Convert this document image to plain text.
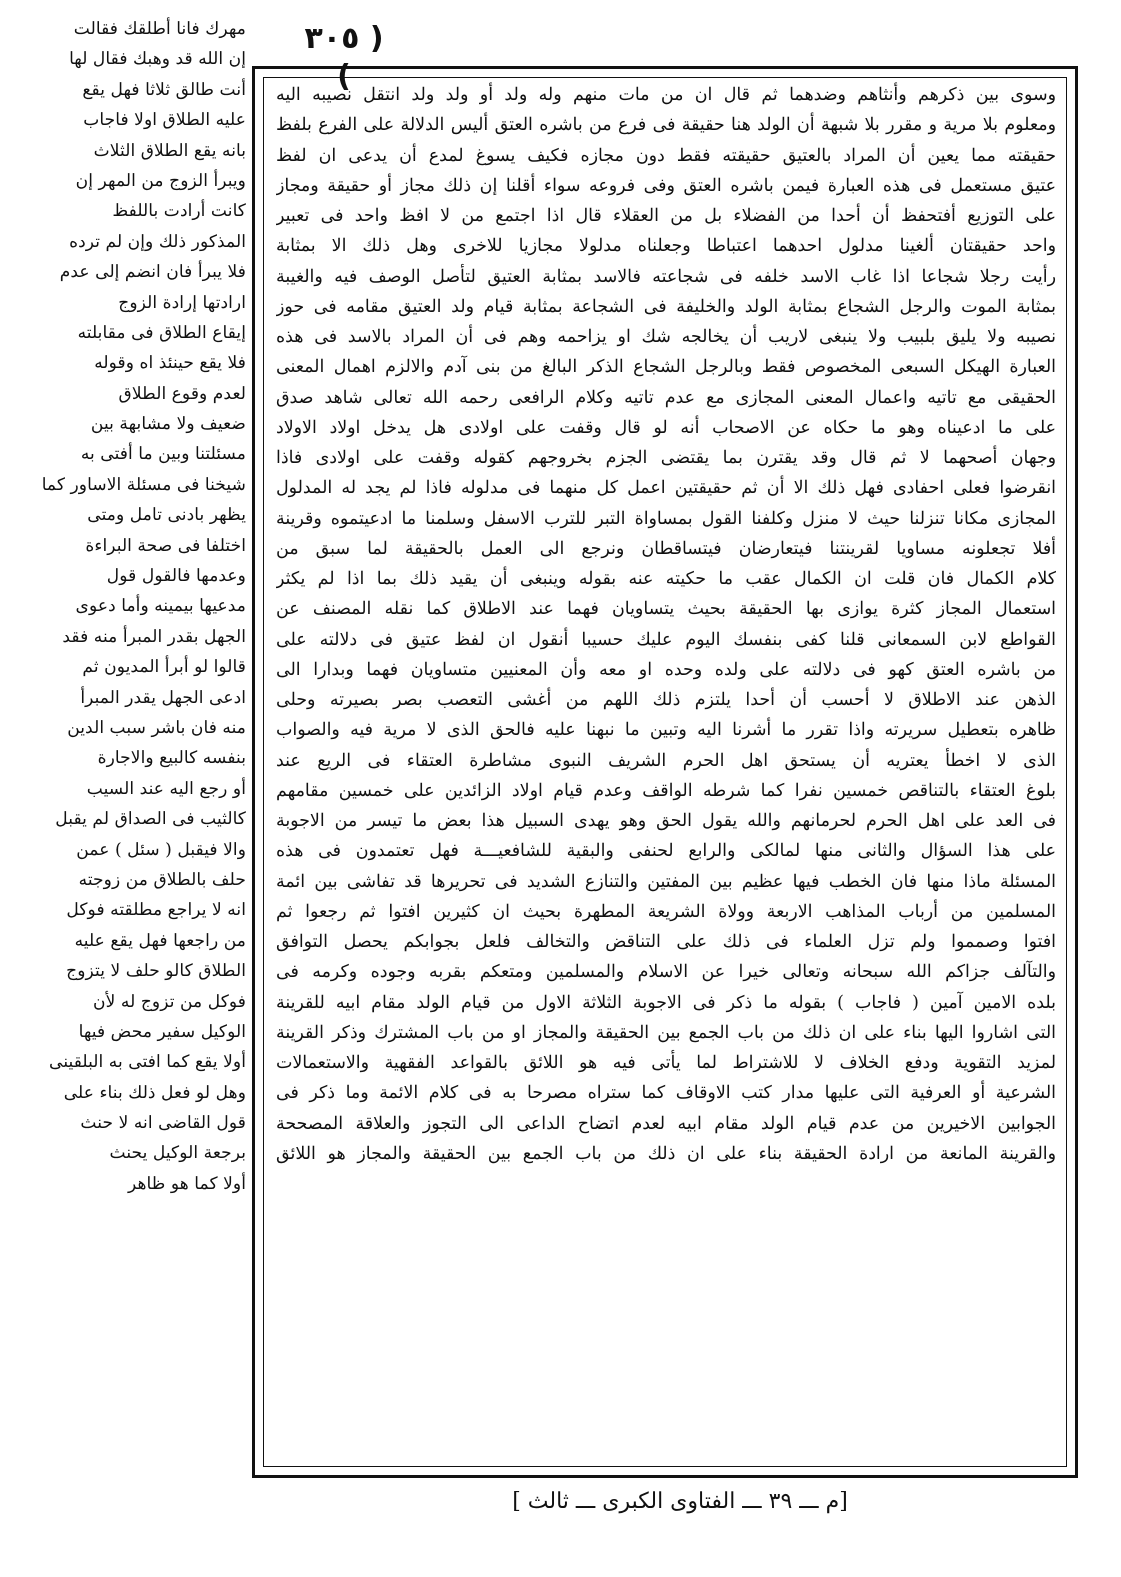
( ٣٠٥ )
مهرك فانا أطلقك فقالت
إن الله قد وهبك فقال لها
أنت طالق ثلاثا فهل يقع
عليه الطلاق اولا فاجاب
بانه يقع الطلاق الثلاث
ويبرأ الزوج من المهر إن
كانت أرادت باللفظ
المذكور ذلك وإن لم ترده
فلا يبرأ فان انضم إلى عدم
ارادتها إرادة الزوج
إيقاع الطلاق فى مقابلته
فلا يقع حينئذ اه وقوله
لعدم وقوع الطلاق
ضعيف ولا مشابهة بين
مسئلتنا وبين ما أفتى به
شيخنا فى مسئلة الاساور كما
يظهر بادنى تامل ومتى
اختلفا فى صحة البراءة
وعدمها فالقول قول
مدعيها بيمينه وأما دعوى
الجهل بقدر المبرأ منه فقد
قالوا لو أبرأ المديون ثم
ادعى الجهل يقدر المبرأ
منه فان باشر سبب الدين
بنفسه كالبيع والاجارة
أو رجع اليه عند السيب
كالثيب فى الصداق لم يقبل
والا فيقبل ( سئل ) عمن
حلف بالطلاق من زوجته
انه لا يراجع مطلقته فوكل
من راجعها فهل يقع عليه
الطلاق كالو حلف لا يتزوج
فوكل من تزوج له لأن
الوكيل سفير محض فيها
أولا يقع كما افتى به البلقينى
وهل لو فعل ذلك بناء على
قول القاضى انه لا حنث
برجعة الوكيل يحنث
أولا كما هو ظاهر
وسوى بين ذكرهم وأنثاهم وضدهما ثم قال ان من مات منهم وله ولد أو ولد ولد انتقل نصيبه اليه
ومعلوم بلا مرية و مقرر بلا شبهة أن الولد هنا حقيقة فى فرع من باشره العتق أليس الدلالة على الفرع بلفظ
حقيقته مما يعين أن المراد بالعتيق حقيقته فقط دون مجازه فكيف يسوغ لمدع أن يدعى ان لفظ
عتيق مستعمل فى هذه العبارة فيمن باشره العتق وفى فروعه سواء أقلنا إن ذلك مجاز أو حقيقة ومجاز
على التوزيع أفتحفظ أن أحدا من الفضلاء بل من العقلاء قال اذا اجتمع من لا افظ واحد فى تعبير
واحد حقيقتان ألغينا مدلول احدهما اعتباطا وجعلناه مدلولا مجازيا للاخرى وهل ذلك الا بمثابة
رأيت رجلا شجاعا اذا غاب الاسد خلفه فى شجاعته فالاسد بمثابة العتيق لتأصل الوصف فيه والغيبة
بمثابة الموت والرجل الشجاع بمثابة الولد والخليفة فى الشجاعة بمثابة قيام ولد العتيق مقامه فى حوز
نصيبه ولا يليق بلبيب ولا ينبغى لاريب أن يخالجه شك او يزاحمه وهم فى أن المراد بالاسد فى هذه
العبارة الهيكل السبعى المخصوص فقط وبالرجل الشجاع الذكر البالغ من بنى آدم والالزم اهمال المعنى
الحقيقى مع تاتيه واعمال المعنى المجازى مع عدم تاتيه وكلام الرافعى رحمه الله تعالى شاهد صدق
على ما ادعيناه وهو ما حكاه عن الاصحاب أنه لو قال وقفت على اولادى هل يدخل اولاد الاولاد
وجهان أصحهما لا ثم قال وقد يقترن بما يقتضى الجزم بخروجهم كقوله وقفت على اولادى فاذا
انقرضوا فعلى احفادى فهل ذلك الا أن ثم حقيقتين اعمل كل منهما فى مدلوله فاذا لم يجد له المدلول
المجازى مكانا تنزلنا حيث لا منزل وكلفنا القول بمساواة التبر للترب الاسفل وسلمنا ما ادعيتموه وقرينة
أفلا تجعلونه مساويا لقرينتنا فيتعارضان فيتساقطان ونرجع الى العمل بالحقيقة لما سبق من
كلام الكمال فان قلت ان الكمال عقب ما حكيته عنه بقوله وينبغى أن يقيد ذلك بما اذا لم يكثر
استعمال المجاز كثرة يوازى بها الحقيقة بحيث يتساويان فهما عند الاطلاق كما نقله المصنف عن
القواطع لابن السمعانى قلنا كفى بنفسك اليوم عليك حسيبا أنقول ان لفظ عتيق فى دلالته على
من باشره العتق كهو فى دلالته على ولده وحده او معه وأن المعنيين متساويان فهما وبدارا الى
الذهن عند الاطلاق لا أحسب أن أحدا يلتزم ذلك اللهم من أغشى التعصب بصر بصيرته وحلى
ظاهره بتعطيل سريرته واذا تقرر ما أشرنا اليه وتبين ما نبهنا عليه فالحق الذى لا مرية فيه والصواب
الذى لا اخطأ يعتريه أن يستحق اهل الحرم الشريف النبوى مشاطرة العتقاء فى الريع عند
بلوغ العتقاء بالتناقص خمسين نفرا كما شرطه الواقف وعدم قيام اولاد الزائدين على خمسين مقامهم
فى العد على اهل الحرم لحرمانهم والله يقول الحق وهو يهدى السبيل هذا بعض ما تيسر من الاجوبة
على هذا السؤال والثانى منها لمالكى والرابع لحنفى والبقية للشافعيـــة فهل تعتمدون فى هذه
المسئلة ماذا منها فان الخطب فيها عظيم بين المفتين والتنازع الشديد فى تحريرها قد تفاشى بين ائمة
المسلمين من أرباب المذاهب الاربعة وولاة الشريعة المطهرة بحيث ان كثيرين افتوا ثم رجعوا ثم
افتوا وصمموا ولم تزل العلماء فى ذلك على التناقض والتخالف فلعل بجوابكم يحصل التوافق
والتآلف جزاكم الله سبحانه وتعالى خيرا عن الاسلام والمسلمين ومتعكم بقربه وجوده وكرمه فى
بلده الامين آمين ( فاجاب ) بقوله ما ذكر فى الاجوبة الثلاثة الاول من قيام الولد مقام ابيه للقرينة
التى اشاروا اليها بناء على ان ذلك من باب الجمع بين الحقيقة والمجاز او من باب المشترك وذكر القرينة
لمزيد التقوية ودفع الخلاف لا للاشتراط لما يأتى فيه هو اللائق بالقواعد الفقهية والاستعمالات
الشرعية أو العرفية التى عليها مدار كتب الاوقاف كما ستراه مصرحا به فى كلام الائمة وما ذكر فى
الجوابين الاخيرين من عدم قيام الولد مقام ابيه لعدم اتضاح الداعى الى التجوز والعلاقة المصححة
والقرينة المانعة من ارادة الحقيقة بناء على ان ذلك من باب الجمع بين الحقيقة والمجاز هو اللائق
[م ـــ ٣٩ ـــ الفتاوى الكبرى ـــ ثالث ]
